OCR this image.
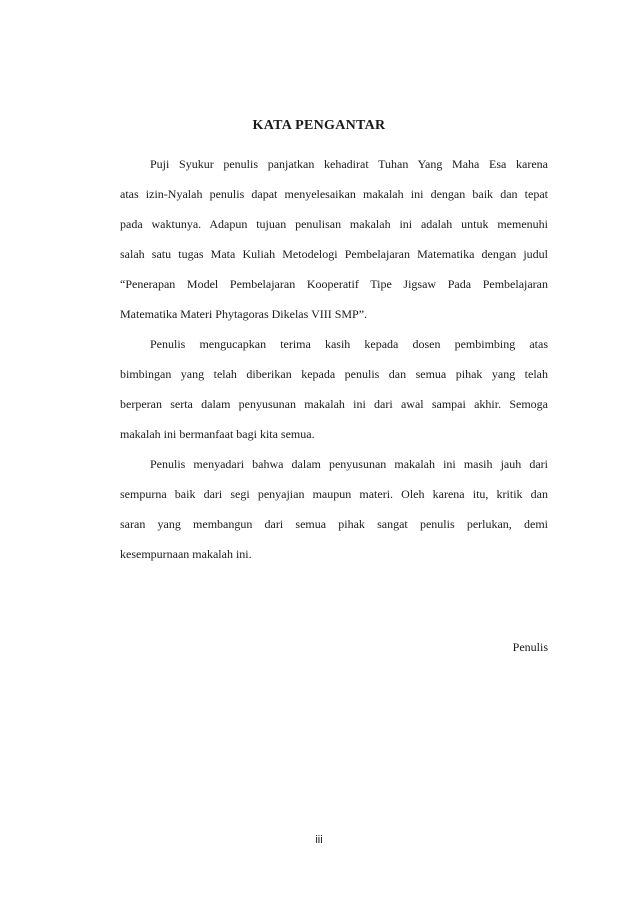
KATA PENGANTAR
Puji Syukur penulis panjatkan kehadirat Tuhan Yang Maha Esa karena
atas izin-Nyalah penulis dapat menyelesaikan makalah ini dengan baik dan tepat
pada waktunya. Adapun tujuan penulisan makalah ini adalah untuk memenuhi
salah satu tugas Mata Kuliah Metodelogi Pembelajaran Matematika dengan judul
“Penerapan Model Pembelajaran Kooperatif Tipe Jigsaw Pada Pembelajaran
Matematika Materi Phytagoras Dikelas VIII SMP”.
Penulis mengucapkan terima kasih kepada dosen pembimbing atas
bimbingan yang telah diberikan kepada penulis dan semua pihak yang telah
berperan serta dalam penyusunan makalah ini dari awal sampai akhir. Semoga
makalah ini bermanfaat bagi kita semua.
Penulis menyadari bahwa dalam penyusunan makalah ini masih jauh dari
sempurna baik dari segi penyajian maupun materi. Oleh karena itu, kritik dan
saran yang membangun dari semua pihak sangat penulis perlukan, demi
kesempurnaan makalah ini.
Penulis
iii
